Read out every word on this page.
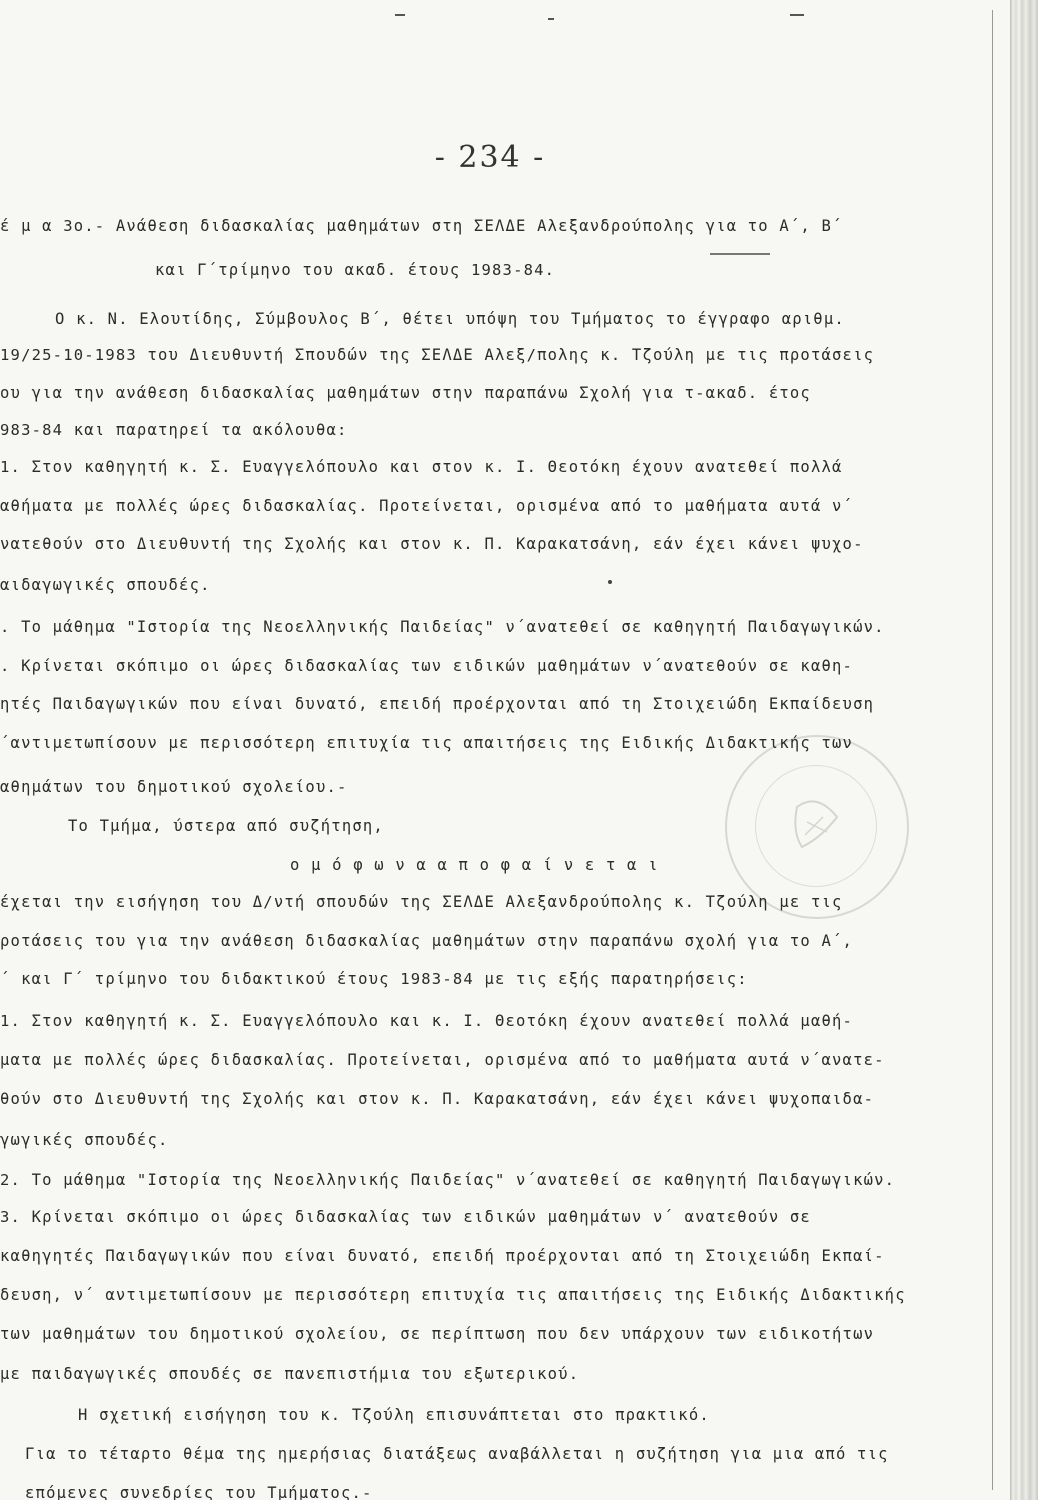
- 234 -
έ μ α 3ο.- Ανάθεση διδασκαλίας μαθημάτων στη ΣΕΛΔΕ Αλεξανδρούπολης για το Α΄, Β΄
και Γ΄τρίμηνο του ακαδ. έτους 1983-84.
Ο κ. Ν. Ελουτίδης, Σύμβουλος Β΄, θέτει υπόψη του Τμήματος το έγγραφο αριθμ.
19/25-10-1983 του Διευθυντή Σπουδών της ΣΕΛΔΕ Αλεξ/πολης κ. Τζούλη με τις προτάσεις
ου για την ανάθεση διδασκαλίας μαθημάτων στην παραπάνω Σχολή για τ-ακαδ. έτος
983-84 και παρατηρεί τα ακόλουθα:
1. Στον καθηγητή κ. Σ. Ευαγγελόπουλο και στον κ. Ι. Θεοτόκη έχουν ανατεθεί πολλά
αθήματα με πολλές ώρες διδασκαλίας. Προτείνεται, ορισμένα από το μαθήματα αυτά ν΄
νατεθούν στο Διευθυντή της Σχολής και στον κ. Π. Καρακατσάνη, εάν έχει κάνει ψυχο-
αιδαγωγικές σπουδές.
. Το μάθημα "Ιστορία της Νεοελληνικής Παιδείας" ν΄ανατεθεί σε καθηγητή Παιδαγωγικών.
. Κρίνεται σκόπιμο οι ώρες διδασκαλίας των ειδικών μαθημάτων ν΄ανατεθούν σε καθη-
ητές Παιδαγωγικών που είναι δυνατό, επειδή προέρχονται από τη Στοιχειώδη Εκπαίδευση
΄αντιμετωπίσουν με περισσότερη επιτυχία τις απαιτήσεις της Ειδικής Διδακτικής των
αθημάτων του δημοτικού σχολείου.-
Το Τμήμα, ύστερα από συζήτηση,
ο μ ό φ ω ν α α π ο φ α ί ν ε τ α ι
έχεται την εισήγηση του Δ/ντή σπουδών της ΣΕΛΔΕ Αλεξανδρούπολης κ. Τζούλη με τις
ροτάσεις του για την ανάθεση διδασκαλίας μαθημάτων στην παραπάνω σχολή για το Α΄,
΄ και Γ΄ τρίμηνο του διδακτικού έτους 1983-84 με τις εξής παρατηρήσεις:
1. Στον καθηγητή κ. Σ. Ευαγγελόπουλο και κ. Ι. Θεοτόκη έχουν ανατεθεί πολλά μαθή-
ματα με πολλές ώρες διδασκαλίας. Προτείνεται, ορισμένα από το μαθήματα αυτά ν΄ανατε-
θούν στο Διευθυντή της Σχολής και στον κ. Π. Καρακατσάνη, εάν έχει κάνει ψυχοπαιδα-
γωγικές σπουδές.
2. Το μάθημα "Ιστορία της Νεοελληνικής Παιδείας" ν΄ανατεθεί σε καθηγητή Παιδαγωγικών.
3. Κρίνεται σκόπιμο οι ώρες διδασκαλίας των ειδικών μαθημάτων ν΄ ανατεθούν σε
καθηγητές Παιδαγωγικών που είναι δυνατό, επειδή προέρχονται από τη Στοιχειώδη Εκπαί-
δευση, ν΄ αντιμετωπίσουν με περισσότερη επιτυχία τις απαιτήσεις της Ειδικής Διδακτικής
των μαθημάτων του δημοτικού σχολείου, σε περίπτωση που δεν υπάρχουν των ειδικοτήτων
με παιδαγωγικές σπουδές σε πανεπιστήμια του εξωτερικού.
Η σχετική εισήγηση του κ. Τζούλη επισυνάπτεται στο πρακτικό.
Για το τέταρτο θέμα της ημερήσιας διατάξεως αναβάλλεται η συζήτηση για μια από τις
επόμενες συνεδρίες του Τμήματος.-
